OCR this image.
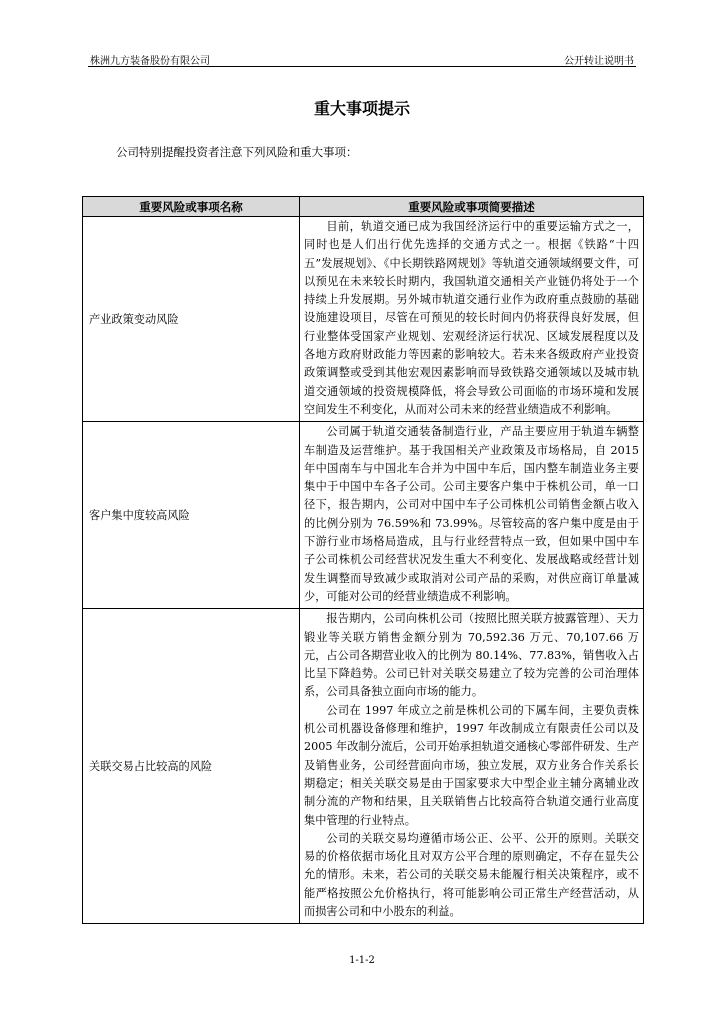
株洲九方装备股份有限公司	公开转让说明书
重大事项提示
公司特别提醒投资者注意下列风险和重大事项：
重要风险或事项名称	重要风险或事项简要描述
产业政策变动风险	目前，轨道交通已成为我国经济运行中的重要运输方式之一，同时也是人们出行优先选择的交通方式之一。根据《铁路“十四五”发展规划》、《中长期铁路网规划》等轨道交通领域纲要文件，可以预见在未来较长时期内，我国轨道交通相关产业链仍将处于一个持续上升发展期。另外城市轨道交通行业作为政府重点鼓励的基础设施建设项目，尽管在可预见的较长时间内仍将获得良好发展，但行业整体受国家产业规划、宏观经济运行状况、区域发展程度以及各地方政府财政能力等因素的影响较大。若未来各级政府产业投资政策调整或受到其他宏观因素影响而导致铁路交通领域以及城市轨道交通领域的投资规模降低，将会导致公司面临的市场环境和发展空间发生不利变化，从而对公司未来的经营业绩造成不利影响。

客户集中度较高风险	公司属于轨道交通装备制造行业，产品主要应用于轨道车辆整车制造及运营维护。基于我国相关产业政策及市场格局，自 2015 年中国南车与中国北车合并为中国中车后，国内整车制造业务主要集中于中国中车各子公司。公司主要客户集中于株机公司，单一口径下，报告期内，公司对中国中车子公司株机公司销售金额占收入的比例分别为 76.59%和 73.99%。尽管较高的客户集中度是由于下游行业市场格局造成，且与行业经营特点一致，但如果中国中车子公司株机公司经营状况发生重大不利变化、发展战略或经营计划发生调整而导致减少或取消对公司产品的采购，对供应商订单量减少，可能对公司的经营业绩造成不利影响。

关联交易占比较高的风险	报告期内，公司向株机公司（按照比照关联方披露管理）、天力锻业等关联方销售金额分别为 70,592.36 万元、70,107.66 万元，占公司各期营业收入的比例为 80.14%、77.83%，销售收入占比呈下降趋势。公司已针对关联交易建立了较为完善的公司治理体系，公司具备独立面向市场的能力。

公司在 1997 年成立之前是株机公司的下属车间，主要负责株机公司机器设备修理和维护，1997 年改制成立有限责任公司以及 2005 年改制分流后，公司开始承担轨道交通核心零部件研发、生产及销售业务，公司经营面向市场，独立发展，双方业务合作关系长期稳定；相关关联交易是由于国家要求大中型企业主辅分离辅业改制分流的产物和结果，且关联销售占比较高符合轨道交通行业高度集中管理的行业特点。

公司的关联交易均遵循市场公正、公平、公开的原则。关联交易的价格依据市场化且对双方公平合理的原则确定，不存在显失公允的情形。未来，若公司的关联交易未能履行相关决策程序，或不能严格按照公允价格执行，将可能影响公司正常生产经营活动，从而损害公司和中小股东的利益。

1-1-2
